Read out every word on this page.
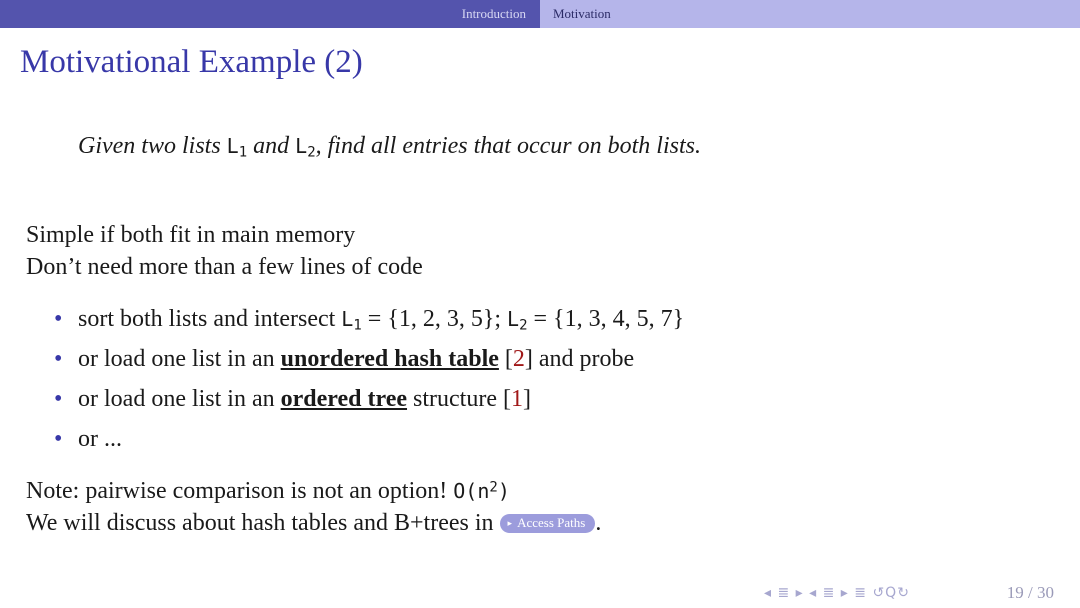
Introduction Motivation
Motivational Example (2)
Given two lists $L_1$ and $L_2$, find all entries that occur on both lists.
Simple if both fit in main memory
Don’t need more than a few lines of code
• sort both lists and intersect $L_1 = \{1$, 2, 3, 5}; $L_2 = \{1$, 3, 4, 5, 7}
• or load one list in an unordered hash table [2] and probe
• or load one list in an ordered tree structure [1]
• or ...
Note: pairwise comparison is not an option! $O(n^2)$
We will discuss about hash tables and B+trees in ▸ Access Paths .
◂ ≣ ▸ ◂ ≣ ▸ ≣ ↺Q↻	19 / 30
